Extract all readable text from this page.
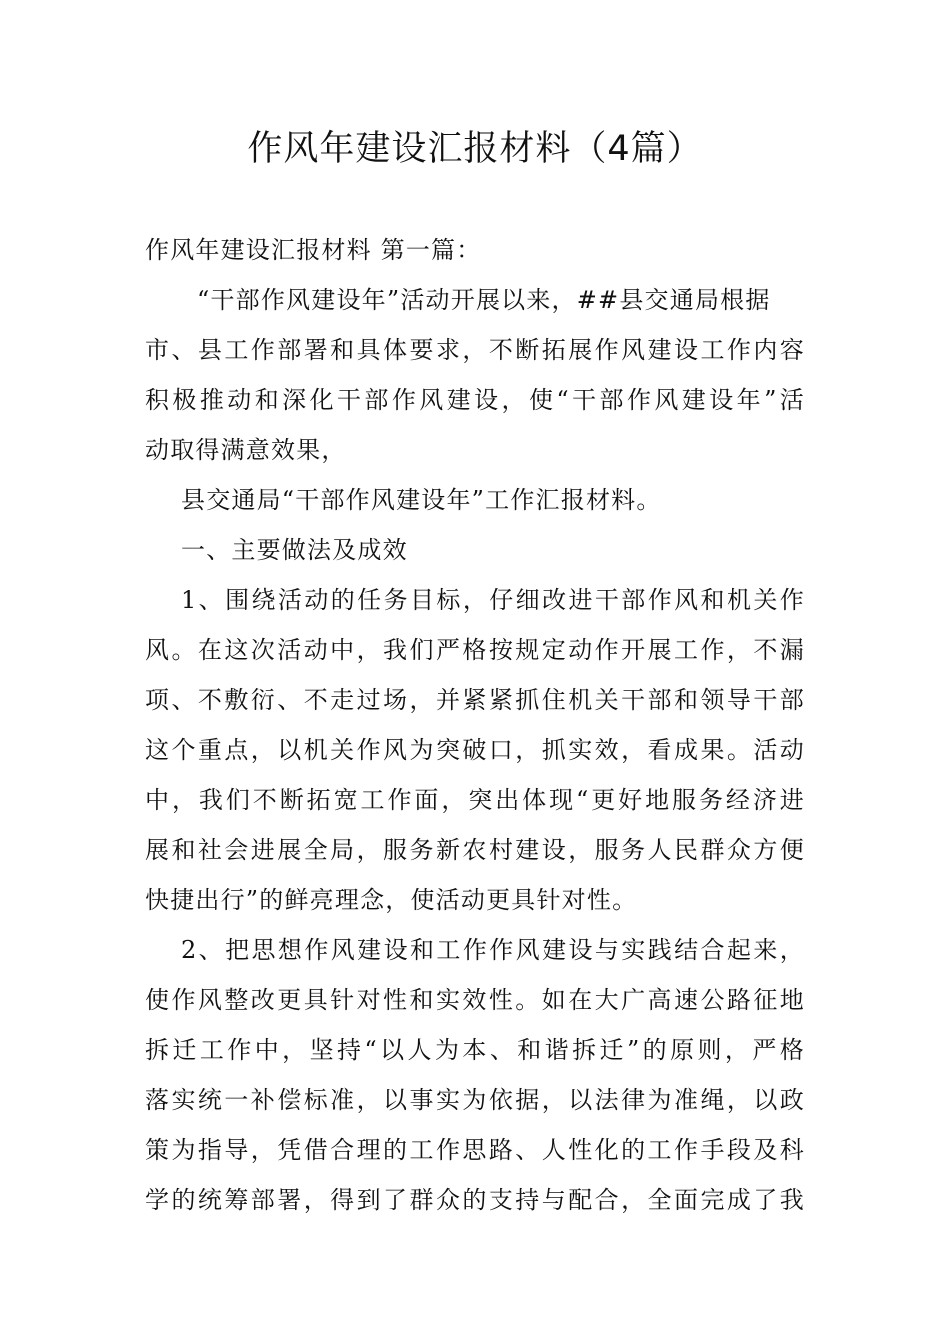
作风年建设汇报材料（4篇）
作风年建设汇报材料 第一篇：
“干部作风建设年”活动开展以来，##县交通局根据
市、县工作部署和具体要求，不断拓展作风建设工作内容
积极推动和深化干部作风建设，使“干部作风建设年”活
动取得满意效果，
县交通局“干部作风建设年”工作汇报材料。
一、主要做法及成效
1、围绕活动的任务目标，仔细改进干部作风和机关作
风。在这次活动中，我们严格按规定动作开展工作，不漏
项、不敷衍、不走过场，并紧紧抓住机关干部和领导干部
这个重点，以机关作风为突破口，抓实效，看成果。活动
中，我们不断拓宽工作面，突出体现“更好地服务经济进
展和社会进展全局，服务新农村建设，服务人民群众方便
快捷出行”的鲜亮理念，使活动更具针对性。
2、把思想作风建设和工作作风建设与实践结合起来，
使作风整改更具针对性和实效性。如在大广高速公路征地
拆迁工作中，坚持“以人为本、和谐拆迁”的原则，严格
落实统一补偿标准，以事实为依据，以法律为准绳，以政
策为指导，凭借合理的工作思路、人性化的工作手段及科
学的统筹部署，得到了群众的支持与配合，全面完成了我
